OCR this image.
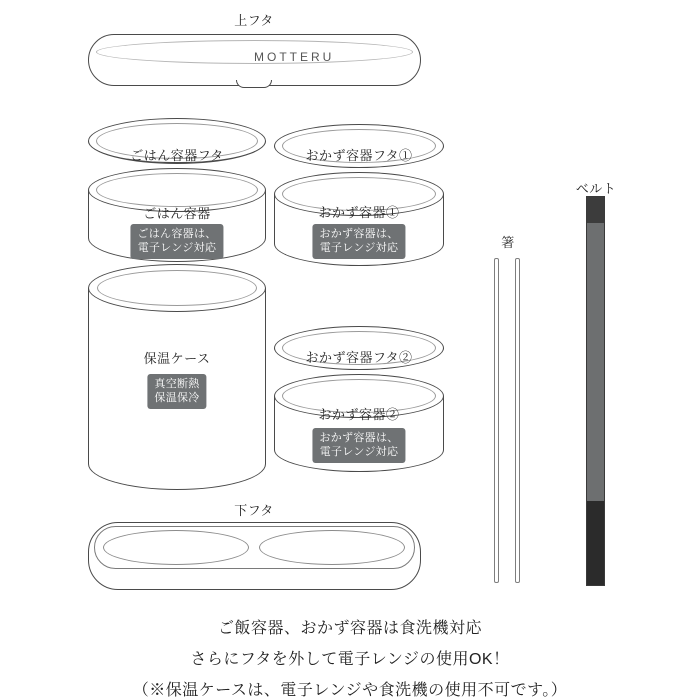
上フタ
MOTTERU
ごはん容器フタ
ごはん容器
ごはん容器は、
電子レンジ対応
保温ケース
真空断熱
保温保冷
おかず容器フタ①
おかず容器①
おかず容器は、
電子レンジ対応
おかず容器フタ②
おかず容器②
おかず容器は、
電子レンジ対応
下フタ
箸
ベルト
ご飯容器、おかず容器は食洗機対応
さらにフタを外して電子レンジの使用OK！
（※保温ケースは、電子レンジや食洗機の使用不可です。）
